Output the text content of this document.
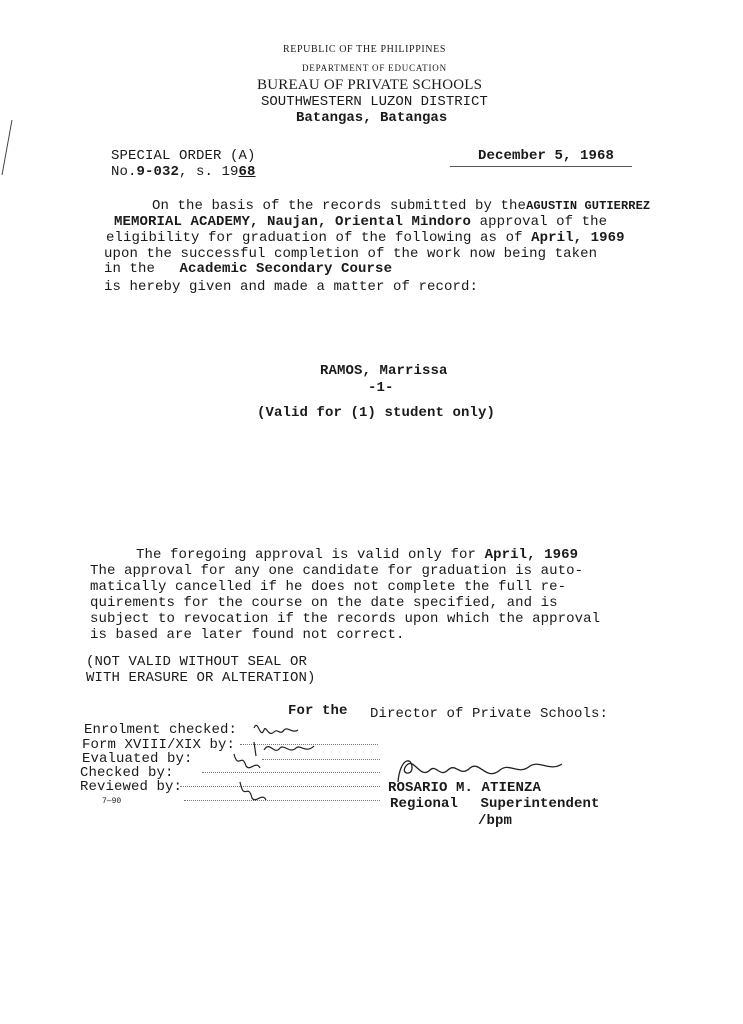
REPUBLIC OF THE PHILIPPINES
DEPARTMENT OF EDUCATION
BUREAU OF PRIVATE SCHOOLS
SOUTHWESTERN LUZON DISTRICT
Batangas, Batangas
SPECIAL ORDER (A)
No.9-032, s. 1968
December 5, 1968
On the basis of the records submitted by theAGUSTIN GUTIERREZ
MEMORIAL ACADEMY, Naujan, Oriental Mindoro approval of the
eligibility for graduation of the following as of April, 1969
upon the successful completion of the work now being taken
in the Academic Secondary Course
is hereby given and made a matter of record:
RAMOS, Marrissa
-1-
(Valid for (1) student only)
The foregoing approval is valid only for April, 1969
The approval for any one candidate for graduation is auto-
matically cancelled if he does not complete the full re-
quirements for the course on the date specified, and is
subject to revocation if the records upon which the approval
is based are later found not correct.
(NOT VALID WITHOUT SEAL OR
WITH ERASURE OR ALTERATION)
For the Director of Private Schools:
Enrolment checked:
Form XVIII/XIX by:
Evaluated by:
Checked by:
Reviewed by:
7—90
ROSARIO M. ATIENZA
Regional Superintendent
/bpm
